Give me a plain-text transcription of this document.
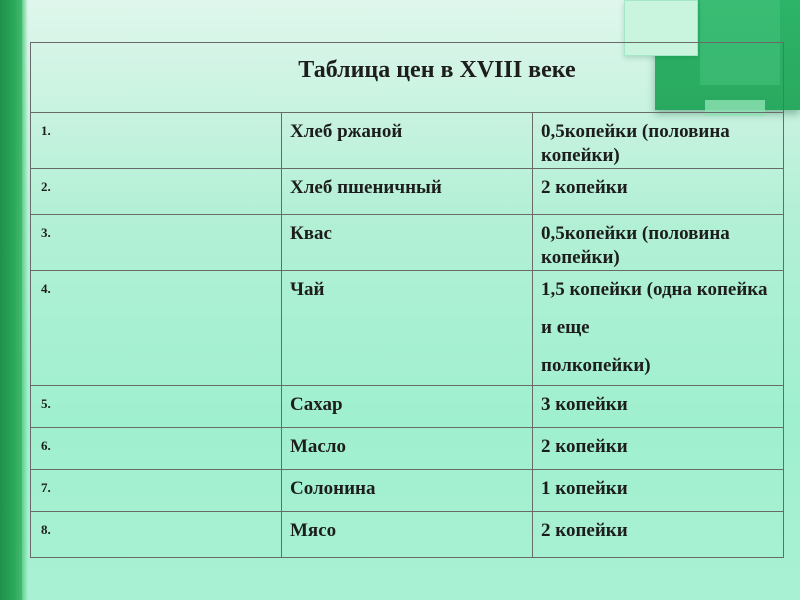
Таблица цен в XVIII веке		
1.	Хлеб ржаной	0,5копейки (половина копейки)
2.	Хлеб пшеничный	2 копейки
3.	Квас	0,5копейки (половина копейки)
4.	Чай	1,5 копейки (одна копейка и еще
полкопейки)

5.	Сахар	3 копейки
6.	Масло	2 копейки
7.	Солонина	1 копейки
8.	Мясо	2 копейки
